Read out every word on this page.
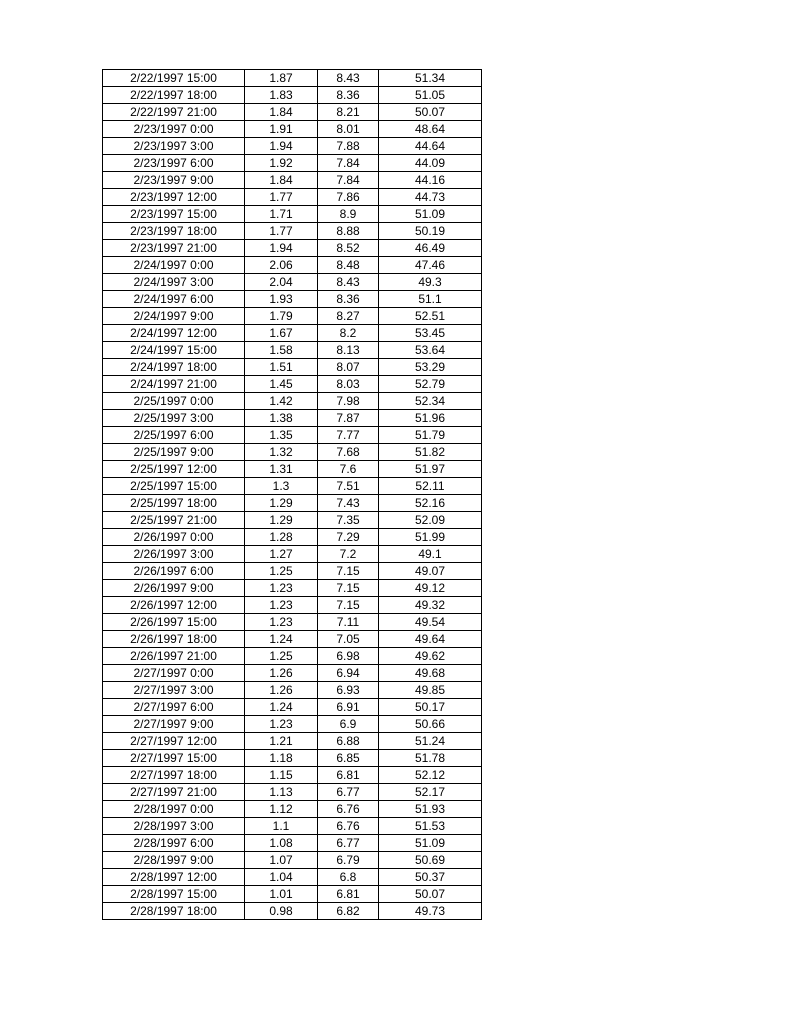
2/22/1997 15:00	1.87	8.43	51.34
2/22/1997 18:00	1.83	8.36	51.05
2/22/1997 21:00	1.84	8.21	50.07
2/23/1997 0:00	1.91	8.01	48.64
2/23/1997 3:00	1.94	7.88	44.64
2/23/1997 6:00	1.92	7.84	44.09
2/23/1997 9:00	1.84	7.84	44.16
2/23/1997 12:00	1.77	7.86	44.73
2/23/1997 15:00	1.71	8.9	51.09
2/23/1997 18:00	1.77	8.88	50.19
2/23/1997 21:00	1.94	8.52	46.49
2/24/1997 0:00	2.06	8.48	47.46
2/24/1997 3:00	2.04	8.43	49.3
2/24/1997 6:00	1.93	8.36	51.1
2/24/1997 9:00	1.79	8.27	52.51
2/24/1997 12:00	1.67	8.2	53.45
2/24/1997 15:00	1.58	8.13	53.64
2/24/1997 18:00	1.51	8.07	53.29
2/24/1997 21:00	1.45	8.03	52.79
2/25/1997 0:00	1.42	7.98	52.34
2/25/1997 3:00	1.38	7.87	51.96
2/25/1997 6:00	1.35	7.77	51.79
2/25/1997 9:00	1.32	7.68	51.82
2/25/1997 12:00	1.31	7.6	51.97
2/25/1997 15:00	1.3	7.51	52.11
2/25/1997 18:00	1.29	7.43	52.16
2/25/1997 21:00	1.29	7.35	52.09
2/26/1997 0:00	1.28	7.29	51.99
2/26/1997 3:00	1.27	7.2	49.1
2/26/1997 6:00	1.25	7.15	49.07
2/26/1997 9:00	1.23	7.15	49.12
2/26/1997 12:00	1.23	7.15	49.32
2/26/1997 15:00	1.23	7.11	49.54
2/26/1997 18:00	1.24	7.05	49.64
2/26/1997 21:00	1.25	6.98	49.62
2/27/1997 0:00	1.26	6.94	49.68
2/27/1997 3:00	1.26	6.93	49.85
2/27/1997 6:00	1.24	6.91	50.17
2/27/1997 9:00	1.23	6.9	50.66
2/27/1997 12:00	1.21	6.88	51.24
2/27/1997 15:00	1.18	6.85	51.78
2/27/1997 18:00	1.15	6.81	52.12
2/27/1997 21:00	1.13	6.77	52.17
2/28/1997 0:00	1.12	6.76	51.93
2/28/1997 3:00	1.1	6.76	51.53
2/28/1997 6:00	1.08	6.77	51.09
2/28/1997 9:00	1.07	6.79	50.69
2/28/1997 12:00	1.04	6.8	50.37
2/28/1997 15:00	1.01	6.81	50.07
2/28/1997 18:00	0.98	6.82	49.73
